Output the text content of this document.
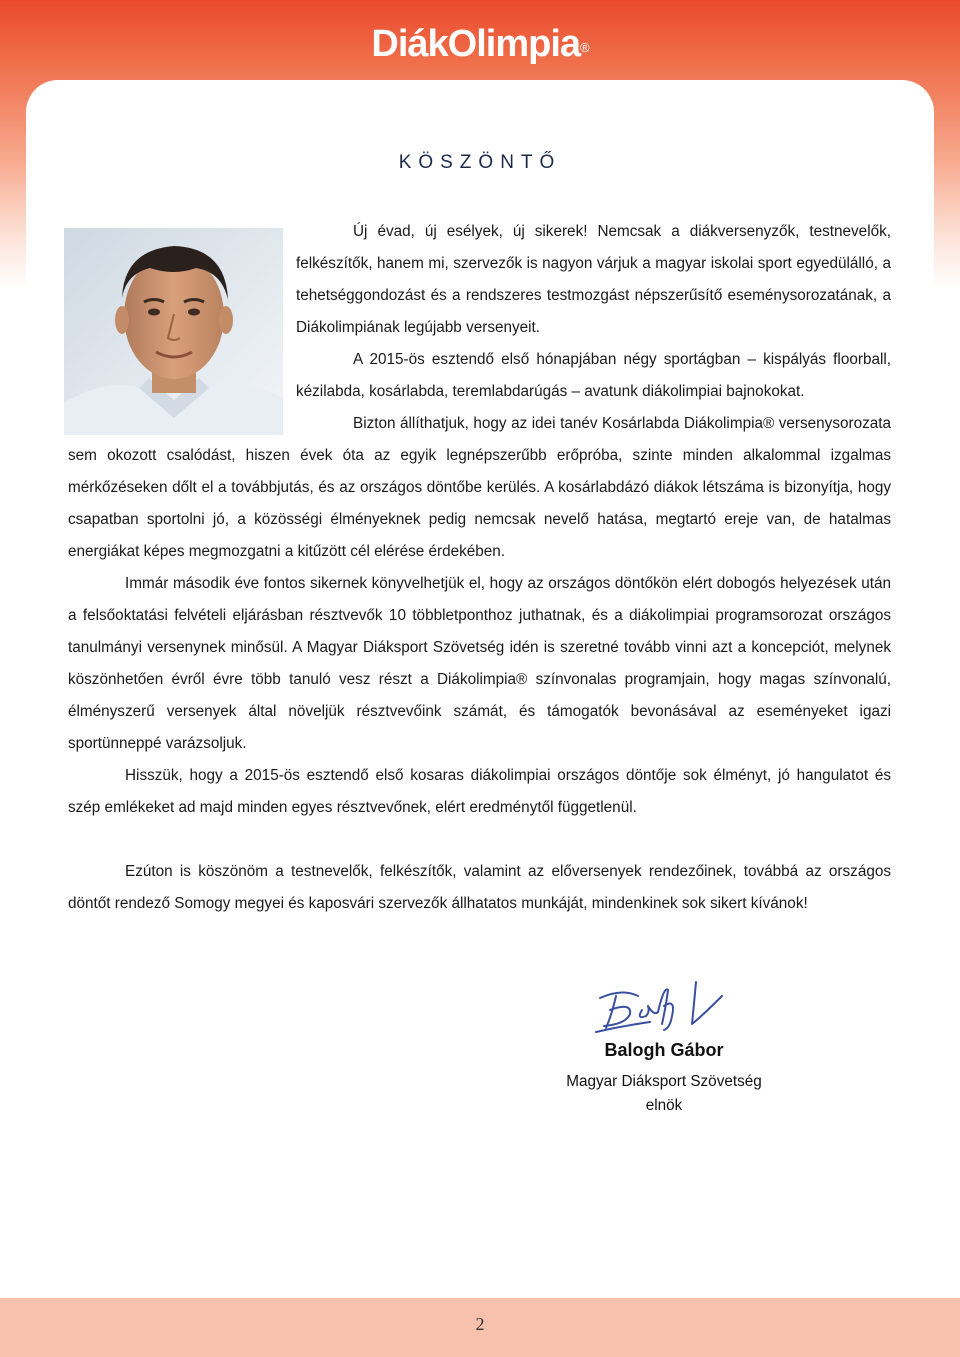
DiákOlimpia®
KÖSZÖNTŐ

Új évad, új esélyek, új sikerek! Nemcsak a diákversenyzők, testnevelők, felkészítők, hanem mi, szervezők is nagyon várjuk a magyar iskolai sport egyedülálló, a tehetséggondozást és a rendszeres testmozgást népszerűsítő eseménysorozatának, a Diákolimpiának legújabb versenyeit.

A 2015-ös esztendő első hónapjában négy sportágban – kispályás floorball, kézilabda, kosárlabda, teremlabdarúgás – avatunk diákolimpiai bajnokokat.

Bizton állíthatjuk, hogy az idei tanév Kosárlabda Diákolimpia® versenysorozata sem okozott csalódást, hiszen évek óta az egyik legnépszerűbb erőpróba, szinte minden alkalommal izgalmas mérkőzéseken dőlt el a továbbjutás, és az országos döntőbe kerülés. A kosárlabdázó diákok létszáma is bizonyítja, hogy csapatban sportolni jó, a közösségi élményeknek pedig nemcsak nevelő hatása, megtartó ereje van, de hatalmas energiákat képes megmozgatni a kitűzött cél elérése érdekében.

Immár második éve fontos sikernek könyvelhetjük el, hogy az országos döntőkön elért dobogós helyezések után a felsőoktatási felvételi eljárásban résztvevők 10 többletponthoz juthatnak, és a diákolimpiai programsorozat országos tanulmányi versenynek minősül. A Magyar Diáksport Szövetség idén is szeretné tovább vinni azt a koncepciót, melynek köszönhetően évről évre több tanuló vesz részt a Diákolimpia® színvonalas programjain, hogy magas színvonalú, élményszerű versenyek által növeljük résztvevőink számát, és támogatók bevonásával az eseményeket igazi sportünneppé varázsoljuk.

Hisszük, hogy a 2015-ös esztendő első kosaras diákolimpiai országos döntője sok élményt, jó hangulatot és szép emlékeket ad majd minden egyes résztvevőnek, elért eredménytől függetlenül.

Ezúton is köszönöm a testnevelők, felkészítők, valamint az előversenyek rendezőinek, továbbá az országos döntőt rendező Somogy megyei és kaposvári szervezők állhatatos munkáját, mindenkinek sok sikert kívánok!

Balogh Gábor
Magyar Diáksport Szövetség
elnök
2
